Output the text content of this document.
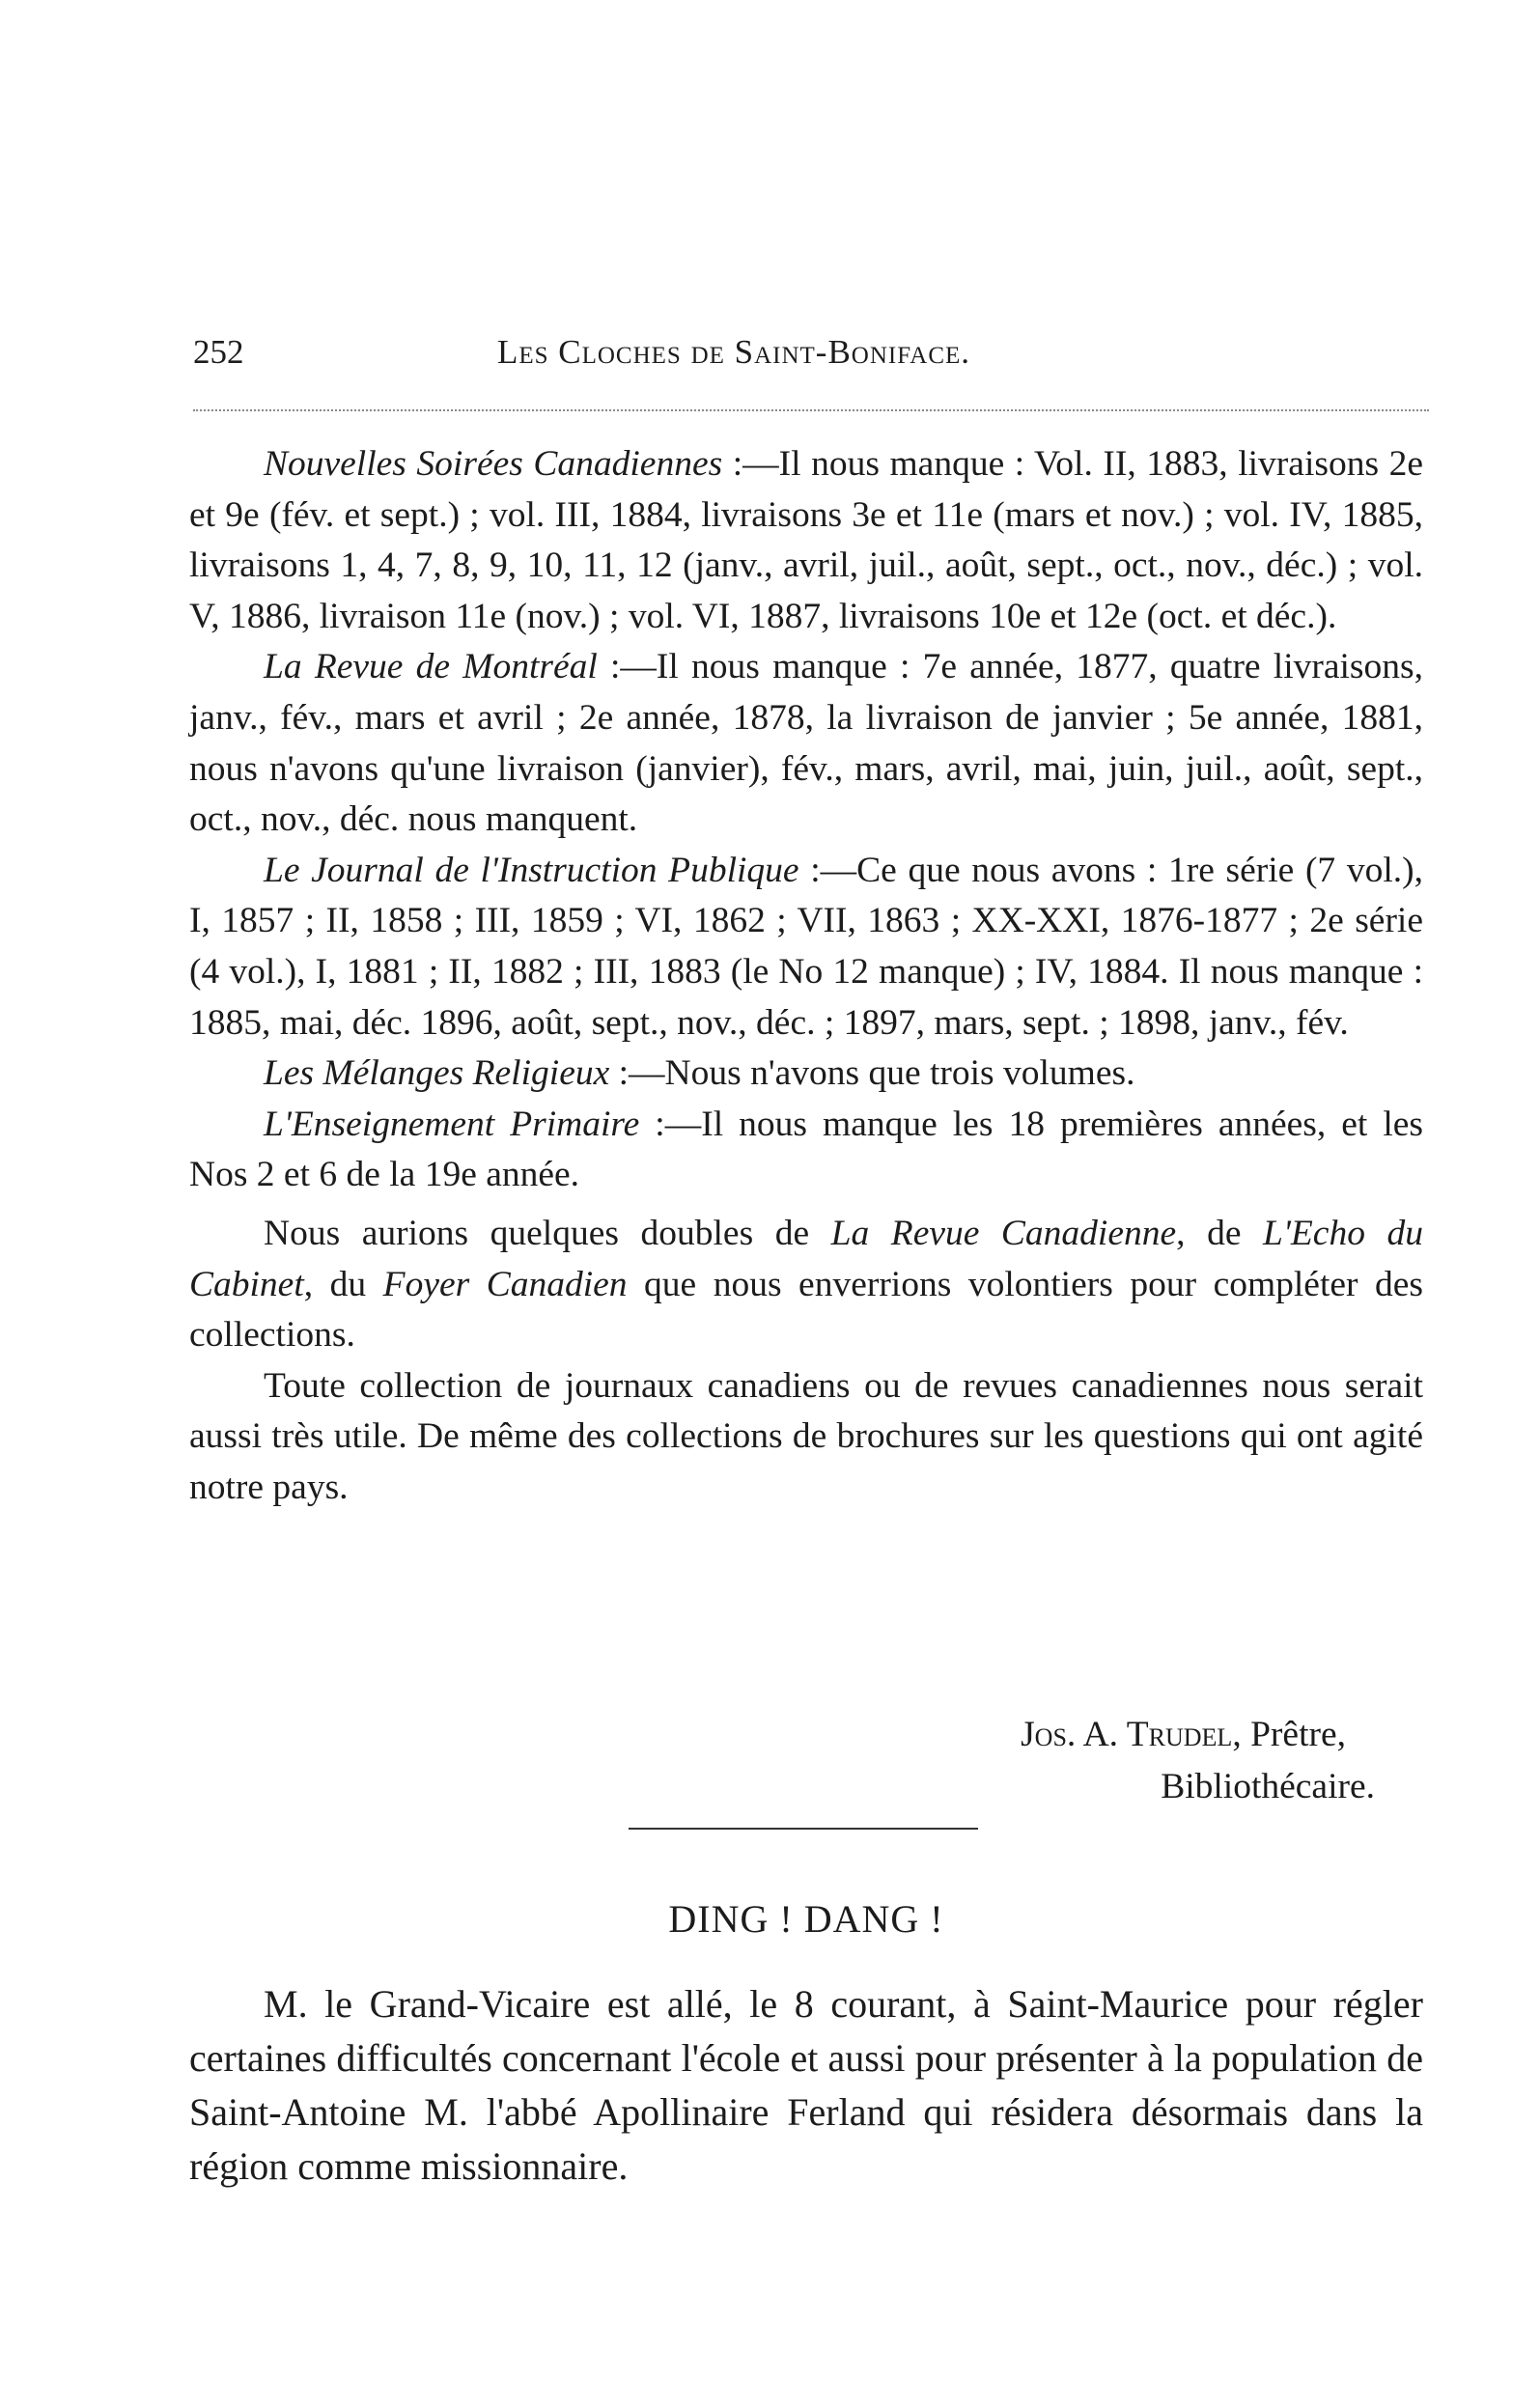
252	Les Cloches de Saint-Boniface.

Nouvelles Soirées Canadiennes :—Il nous manque : Vol. II, 1883, livraisons 2e et 9e (fév. et sept.) ; vol. III, 1884, livraisons 3e et 11e (mars et nov.) ; vol. IV, 1885, livraisons 1, 4, 7, 8, 9, 10, 11, 12 (janv., avril, juil., août, sept., oct., nov., déc.) ; vol. V, 1886, livraison 11e (nov.) ; vol. VI, 1887, livraisons 10e et 12e (oct. et déc.).

La Revue de Montréal :—Il nous manque : 7e année, 1877, quatre livraisons, janv., fév., mars et avril ; 2e année, 1878, la livraison de janvier ; 5e année, 1881, nous n'avons qu'une livraison (janvier), fév., mars, avril, mai, juin, juil., août, sept., oct., nov., déc. nous manquent.

Le Journal de l'Instruction Publique :—Ce que nous avons : 1re série (7 vol.), I, 1857 ; II, 1858 ; III, 1859 ; VI, 1862 ; VII, 1863 ; XX-XXI, 1876-1877 ; 2e série (4 vol.), I, 1881 ; II, 1882 ; III, 1883 (le No 12 manque) ; IV, 1884. Il nous manque : 1885, mai, déc. 1896, août, sept., nov., déc. ; 1897, mars, sept. ; 1898, janv., fév.

Les Mélanges Religieux :—Nous n'avons que trois volumes.

L'Enseignement Primaire :—Il nous manque les 18 premières années, et les Nos 2 et 6 de la 19e année.

Nous aurions quelques doubles de La Revue Canadienne, de L'Echo du Cabinet, du Foyer Canadien que nous enverrions volontiers pour compléter des collections.

Toute collection de journaux canadiens ou de revues canadiennes nous serait aussi très utile. De même des collections de brochures sur les questions qui ont agité notre pays.

Jos. A. Trudel, Prêtre,
Bibliothécaire.
DING ! DANG !

M. le Grand-Vicaire est allé, le 8 courant, à Saint-Maurice pour régler certaines difficultés concernant l'école et aussi pour présenter à la population de Saint-Antoine M. l'abbé Apollinaire Ferland qui résidera désormais dans la région comme missionnaire.
